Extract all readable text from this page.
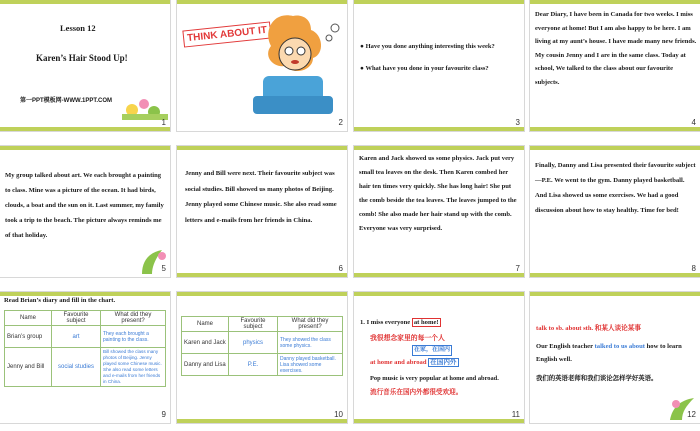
Lesson 12
Karen’s Hair Stood Up!
第一PPT模板网-WWW.1PPT.COM
1
THINK ABOUT IT
2
● Have you done anything interesting this week?
● What have you done in your favourite class?
3
Dear Diary, I have been in Canada for two weeks. I miss everyone at home! But I am also happy to be here. I am living at my aunt’s house. I have made many new friends. My cousin Jenny and I are in the same class. Today at school, We talked to the class about our favourite subjects.
4
My group talked about art. We each brought a painting to class. Mine was a picture of the ocean. It had birds, clouds, a boat and the sun on it. Last summer, my family took a trip to the beach. The picture always reminds me of that holiday.
5
Jenny and Bill were next. Their favourite subject was social studies. Bill showed us many photos of Beijing. Jenny played some Chinese music. She also read some letters and e-mails from her friends in China.
6
Karen and Jack showed us some physics. Jack put very small tea leaves on the desk. Then Karen combed her hair ten times very quickly. She has long hair! She put the comb beside the tea leaves. The leaves jumped to the comb! She also made her hair stand up with the comb. Everyone was very surprised.
7
Finally, Danny and Lisa presented their favourite subject—P.E. We went to the gym. Danny played basketball. And Lisa showed us some exercises. We had a good discussion about how to stay healthy. Time for bed!
8
Read Brian’s diary and fill in the chart.
Name	Favourite subject	What did they present?
Brian’s group	art	They each brought a painting to the class.
Jenny and Bill	social studies	Bill showed the class many photos of Beijing. Jenny played some Chinese music. She also read some letters and e-mails from her friends in China.
9
Name	Favourite subject	What did they present?
Karen and Jack	physics	They showed the class some physics.
Danny and Lisa	P.E.	Danny played basketball. Lisa showed some exercises.
10
1. I miss everyone at home!
我很想念家里的每一个人
在家，在国内
at home and abroad 在国内外
Pop music is very popular at home and abroad.
流行音乐在国内外都很受欢迎。
11
talk to sb. about sth. 和某人谈论某事
Our English teacher talked to us about how to learn English well.
我们的英语老师和我们谈论怎样学好英语。
12
